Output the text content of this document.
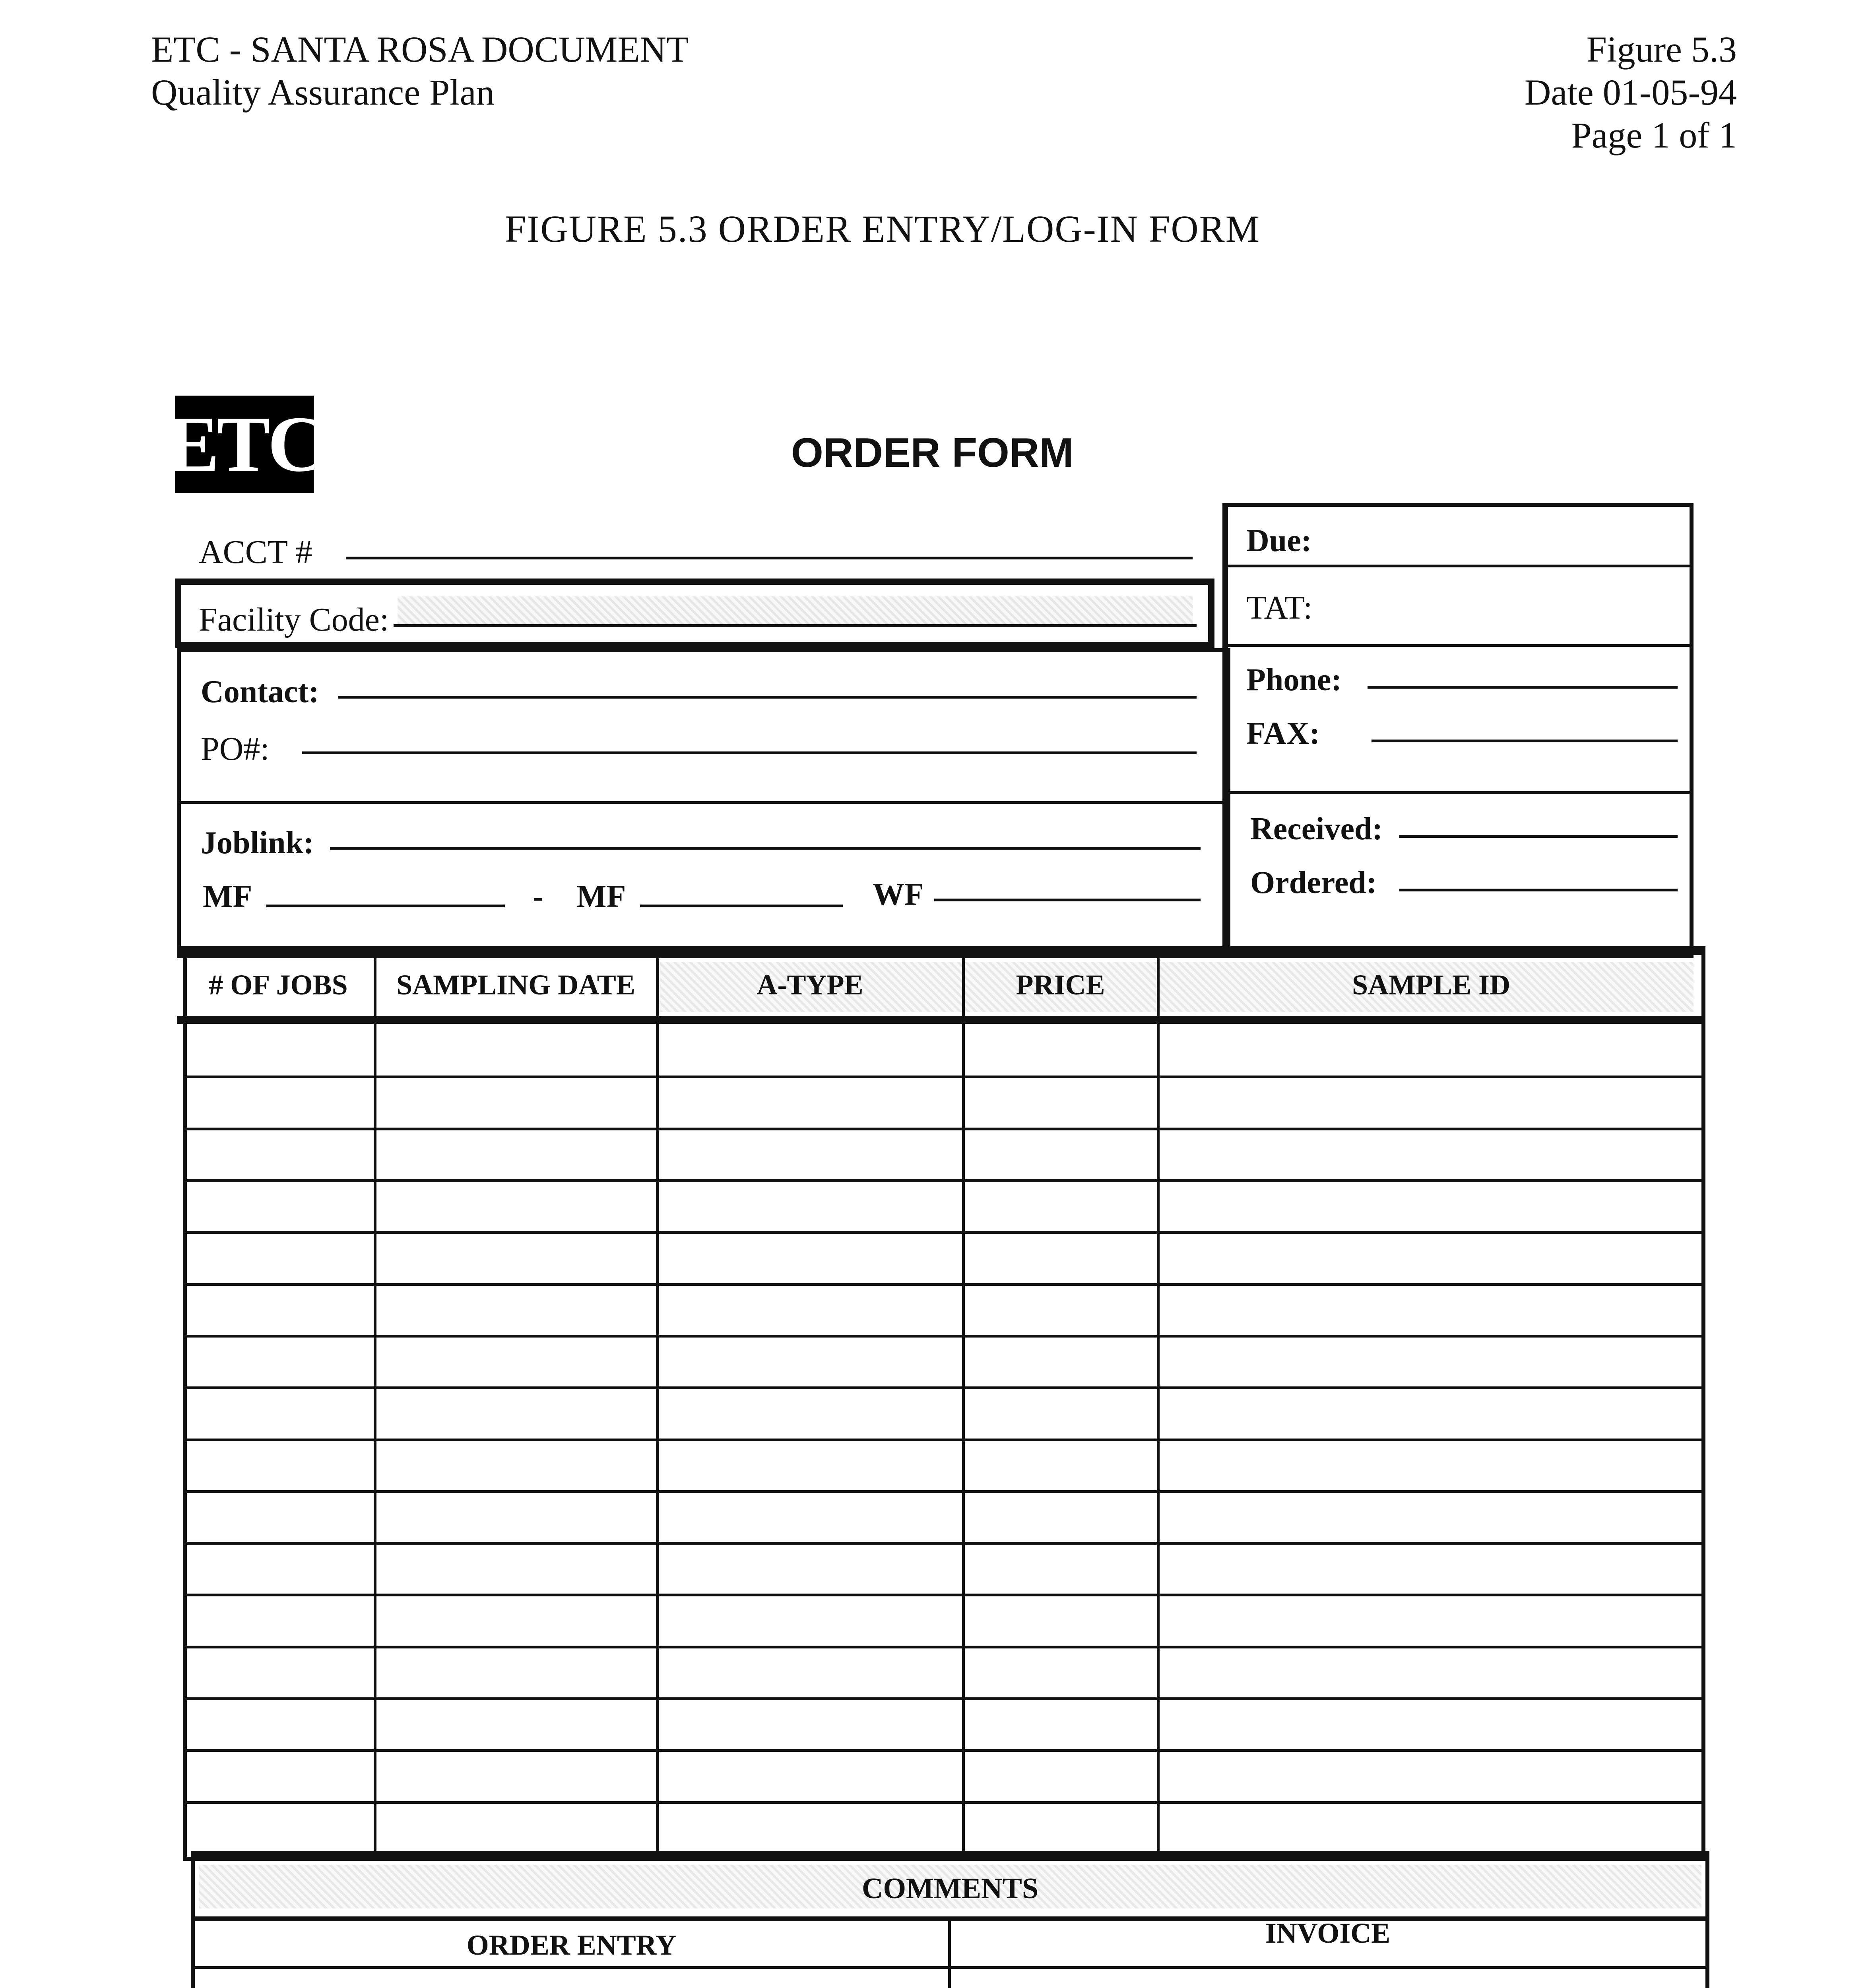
ETC - SANTA ROSA DOCUMENT
Quality Assurance Plan
Figure 5.3
Date 01-05-94
Page 1 of 1
FIGURE 5.3 ORDER ENTRY/LOG-IN FORM
ETC	ORDER FORM
ACCT #
Facility Code:
Contact:
PO#:
Joblink:
MF	- MF	WF
Due:
TAT:
Phone:
FAX:
Received:
Ordered:
# OF JOBS	SAMPLING DATE	A-TYPE	PRICE	SAMPLE ID
COMMENTS
ORDER ENTRY	INVOICE
